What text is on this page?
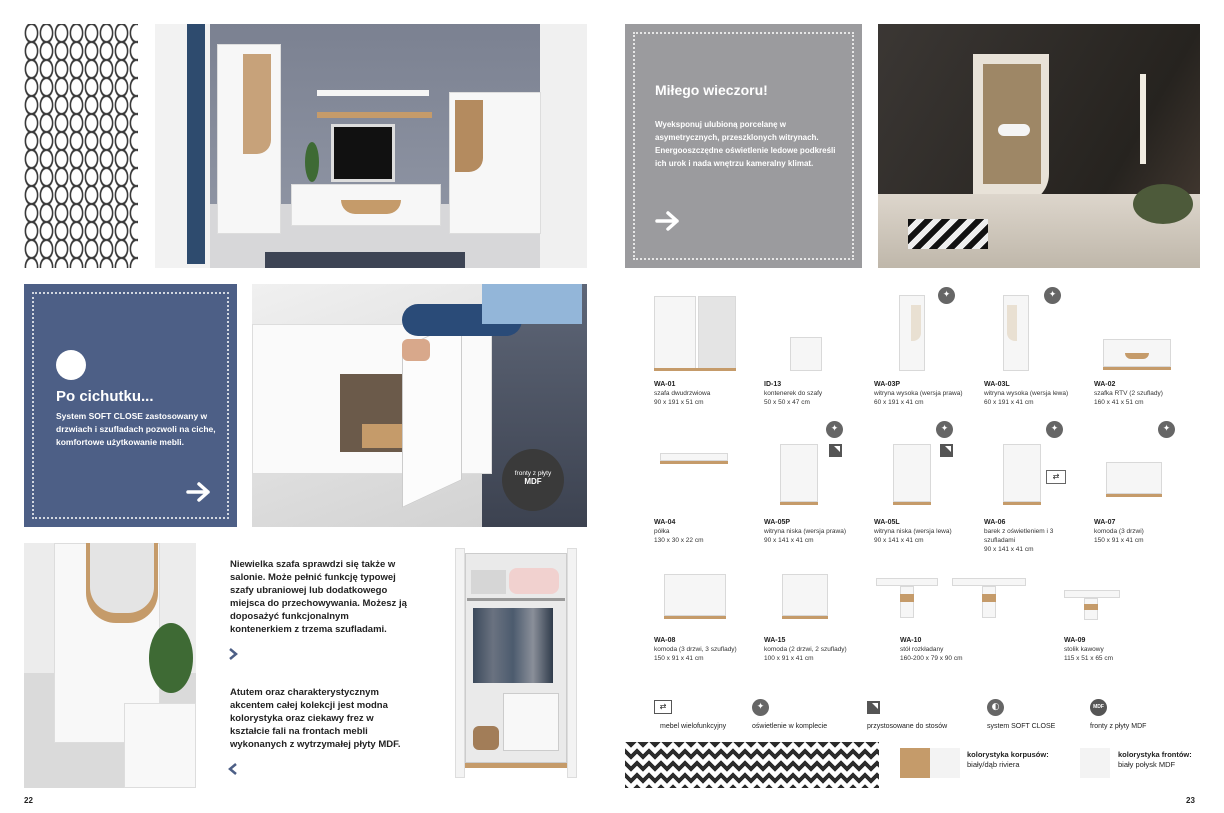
Po cichutku...

System SOFT CLOSE zastosowany w drzwiach i szufladach pozwoli na ciche, komfortowe użytkowanie mebli.

fronty z płyty
MDF
Niewielka szafa sprawdzi się także w salonie. Może pełnić funkcję typowej szafy ubraniowej lub dodatkowego miejsca do przechowywania. Możesz ją doposażyć funkcjonalnym kontenerkiem z trzema szufladami.
Atutem oraz charakterystycznym akcentem całej kolekcji jest modna kolorystyka oraz ciekawy frez w kształcie fali na frontach mebli wykonanych z wytrzymałej płyty MDF.
22
Miłego wieczoru!

Wyeksponuj ulubioną porcelanę w asymetrycznych, przeszklonych witrynach. Energooszczędne oświetlenie ledowe podkreśli ich urok i nada wnętrzu kameralny klimat.

WA-01
szafa dwudrzwiowa
90 x 191 x 51 cm
ID-13
kontenerek do szafy
50 x 50 x 47 cm
✦
WA-03P
witryna wysoka (wersja prawa)
60 x 191 x 41 cm
✦
WA-03L
witryna wysoka (wersja lewa)
60 x 191 x 41 cm
WA-02
szafka RTV (2 szuflady)
160 x 41 x 51 cm
WA-04
półka
130 x 30 x 22 cm
✦
WA-05P
witryna niska (wersja prawa)
90 x 141 x 41 cm
✦
WA-05L
witryna niska (wersja lewa)
90 x 141 x 41 cm
✦
⇄
WA-06
barek z oświetleniem i 3 szufladami
90 x 141 x 41 cm
✦
WA-07
komoda (3 drzwi)
150 x 91 x 41 cm
WA-08
komoda (3 drzwi, 3 szuflady)
150 x 91 x 41 cm
WA-15
komoda (2 drzwi, 2 szuflady)
100 x 91 x 41 cm
WA-10
stół rozkładany
160-200 x 79 x 90 cm
WA-09
stolik kawowy
115 x 51 x 65 cm
⇄
mebel wielofunkcyjny
✦
oświetlenie w komplecie	przystosowane do stosów
◐
system SOFT CLOSE
MDF
fronty z płyty MDF
kolorystyka korpusów:
biały/dąb riviera
kolorystyka frontów:
biały połysk MDF
23
